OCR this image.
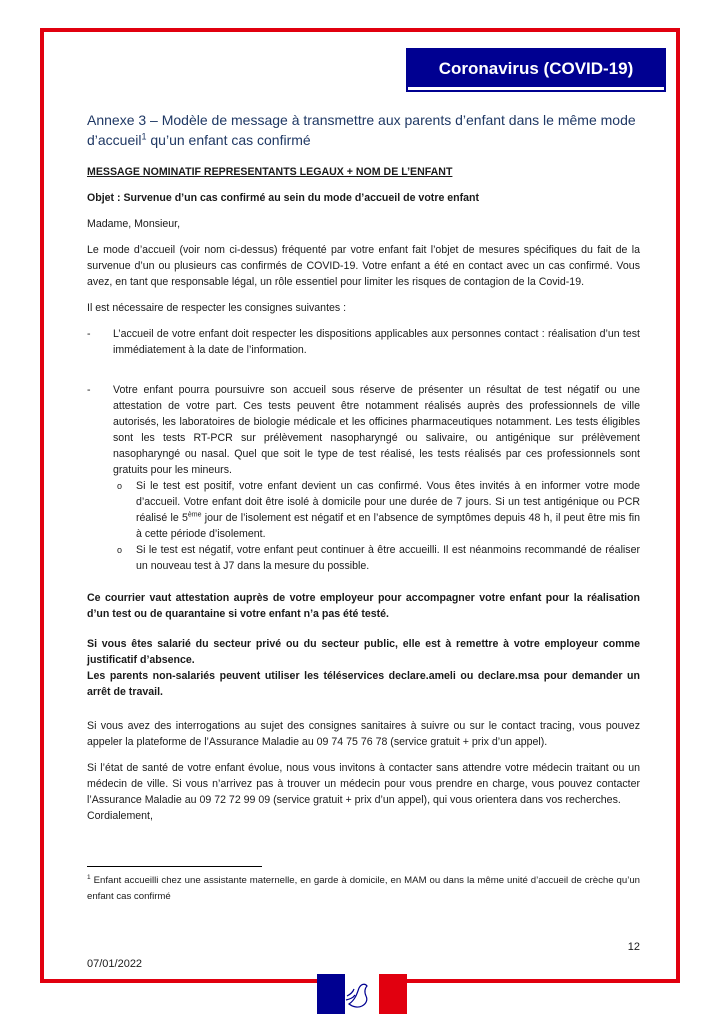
Coronavirus (COVID-19)
Annexe 3 – Modèle de message à transmettre aux parents d’enfant dans le même mode d’accueil$^1$ qu’un enfant cas confirmé

MESSAGE NOMINATIF REPRESENTANTS LEGAUX + NOM DE L’ENFANT

Objet : Survenue d’un cas confirmé au sein du mode d’accueil de votre enfant

Madame, Monsieur,

Le mode d’accueil (voir nom ci-dessus) fréquenté par votre enfant fait l’objet de mesures spécifiques du fait de la survenue d’un ou plusieurs cas confirmés de COVID-19. Votre enfant a été en contact avec un cas confirmé. Vous avez, en tant que responsable légal, un rôle essentiel pour limiter les risques de contagion de la Covid-19.

Il est nécessaire de respecter les consignes suivantes :

-	L’accueil de votre enfant doit respecter les dispositions applicables aux personnes contact : réalisation d’un test immédiatement à la date de l’information.
-	Votre enfant pourra poursuivre son accueil sous réserve de présenter un résultat de test négatif ou une attestation de votre part. Ces tests peuvent être notamment réalisés auprès des professionnels de ville autorisés, les laboratoires de biologie médicale et les officines pharmaceutiques notamment. Les tests éligibles sont les tests RT-PCR sur prélèvement nasopharyngé ou salivaire, ou antigénique sur prélèvement nasopharyngé ou nasal. Quel que soit le type de test réalisé, les tests réalisés par ces professionnels sont gratuits pour les mineurs.
o	Si le test est positif, votre enfant devient un cas confirmé. Vous êtes invités à en informer votre mode d’accueil. Votre enfant doit être isolé à domicile pour une durée de 7 jours. Si un test antigénique ou PCR réalisé le 5ème jour de l’isolement est négatif et en l’absence de symptômes depuis 48 h, il peut être mis fin à cette période d’isolement.
o	Si le test est négatif, votre enfant peut continuer à être accueilli. Il est néanmoins recommandé de réaliser un nouveau test à J7 dans la mesure du possible.

Ce courrier vaut attestation auprès de votre employeur pour accompagner votre enfant pour la réalisation d’un test ou de quarantaine si votre enfant n’a pas été testé.

Si vous êtes salarié du secteur privé ou du secteur public, elle est à remettre à votre employeur comme justificatif d’absence.

Les parents non-salariés peuvent utiliser les téléservices declare.ameli ou declare.msa pour demander un arrêt de travail.

Si vous avez des interrogations au sujet des consignes sanitaires à suivre ou sur le contact tracing, vous pouvez appeler la plateforme de l’Assurance Maladie au 09 74 75 76 78 (service gratuit + prix d’un appel).

Si l’état de santé de votre enfant évolue, nous vous invitons à contacter sans attendre votre médecin traitant ou un médecin de ville. Si vous n’arrivez pas à trouver un médecin pour vous prendre en charge, vous pouvez contacter l’Assurance Maladie au 09 72 72 99 09 (service gratuit + prix d’un appel), qui vous orientera dans vos recherches.

Cordialement,

$^1$ Enfant accueilli chez une assistante maternelle, en garde à domicile, en MAM ou dans la même unité d’accueil de crèche qu’un enfant cas confirmé
12
07/01/2022
